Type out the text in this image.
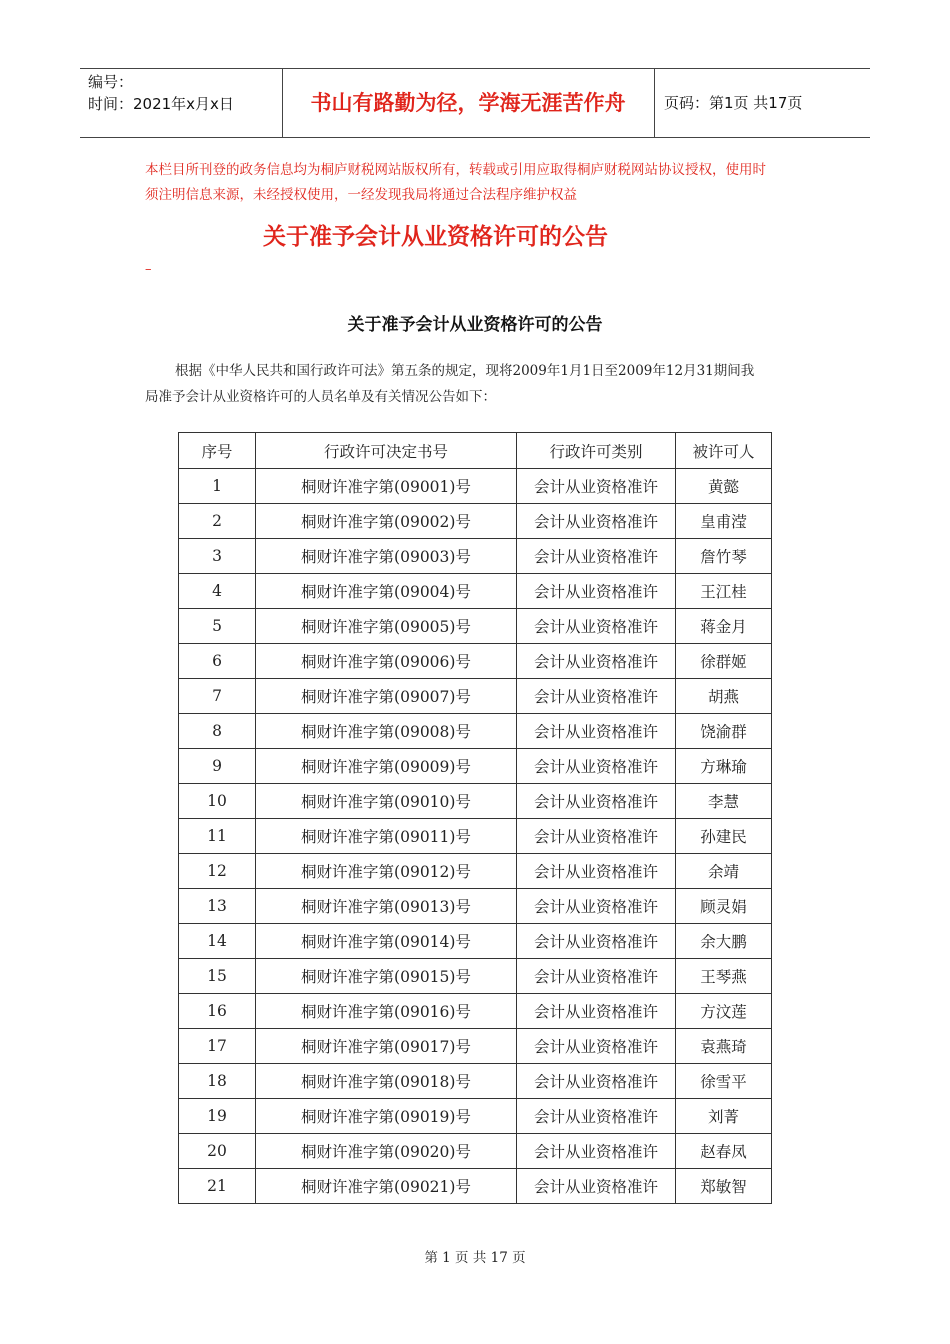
编号：
时间：2021年x月x日	书山有路勤为径，学海无涯苦作舟	页码：第1页 共17页
本栏目所刊登的政务信息均为桐庐财税网站版权所有，转载或引用应取得桐庐财税网站协议授权，使用时
须注明信息来源，未经授权使用，一经发现我局将通过合法程序维护权益
关于准予会计从业资格许可的公告
–
关于准予会计从业资格许可的公告
根据《中华人民共和国行政许可法》第五条的规定，现将2009年1月1日至2009年12月31期间我
局准予会计从业资格许可的人员名单及有关情况公告如下：
序号	行政许可决定书号	行政许可类别	被许可人
1	桐财许准字第(09001)号	会计从业资格准许	黄懿
2	桐财许准字第(09002)号	会计从业资格准许	皇甫滢
3	桐财许准字第(09003)号	会计从业资格准许	詹竹琴
4	桐财许准字第(09004)号	会计从业资格准许	王江桂
5	桐财许准字第(09005)号	会计从业资格准许	蒋金月
6	桐财许准字第(09006)号	会计从业资格准许	徐群姬
7	桐财许准字第(09007)号	会计从业资格准许	胡燕
8	桐财许准字第(09008)号	会计从业资格准许	饶渝群
9	桐财许准字第(09009)号	会计从业资格准许	方琳瑜
10	桐财许准字第(09010)号	会计从业资格准许	李慧
11	桐财许准字第(09011)号	会计从业资格准许	孙建民
12	桐财许准字第(09012)号	会计从业资格准许	余靖
13	桐财许准字第(09013)号	会计从业资格准许	顾灵娟
14	桐财许准字第(09014)号	会计从业资格准许	余大鹏
15	桐财许准字第(09015)号	会计从业资格准许	王琴燕
16	桐财许准字第(09016)号	会计从业资格准许	方汶莲
17	桐财许准字第(09017)号	会计从业资格准许	袁燕琦
18	桐财许准字第(09018)号	会计从业资格准许	徐雪平
19	桐财许准字第(09019)号	会计从业资格准许	刘菁
20	桐财许准字第(09020)号	会计从业资格准许	赵春凤
21	桐财许准字第(09021)号	会计从业资格准许	郑敏智
第 1 页 共 17 页
